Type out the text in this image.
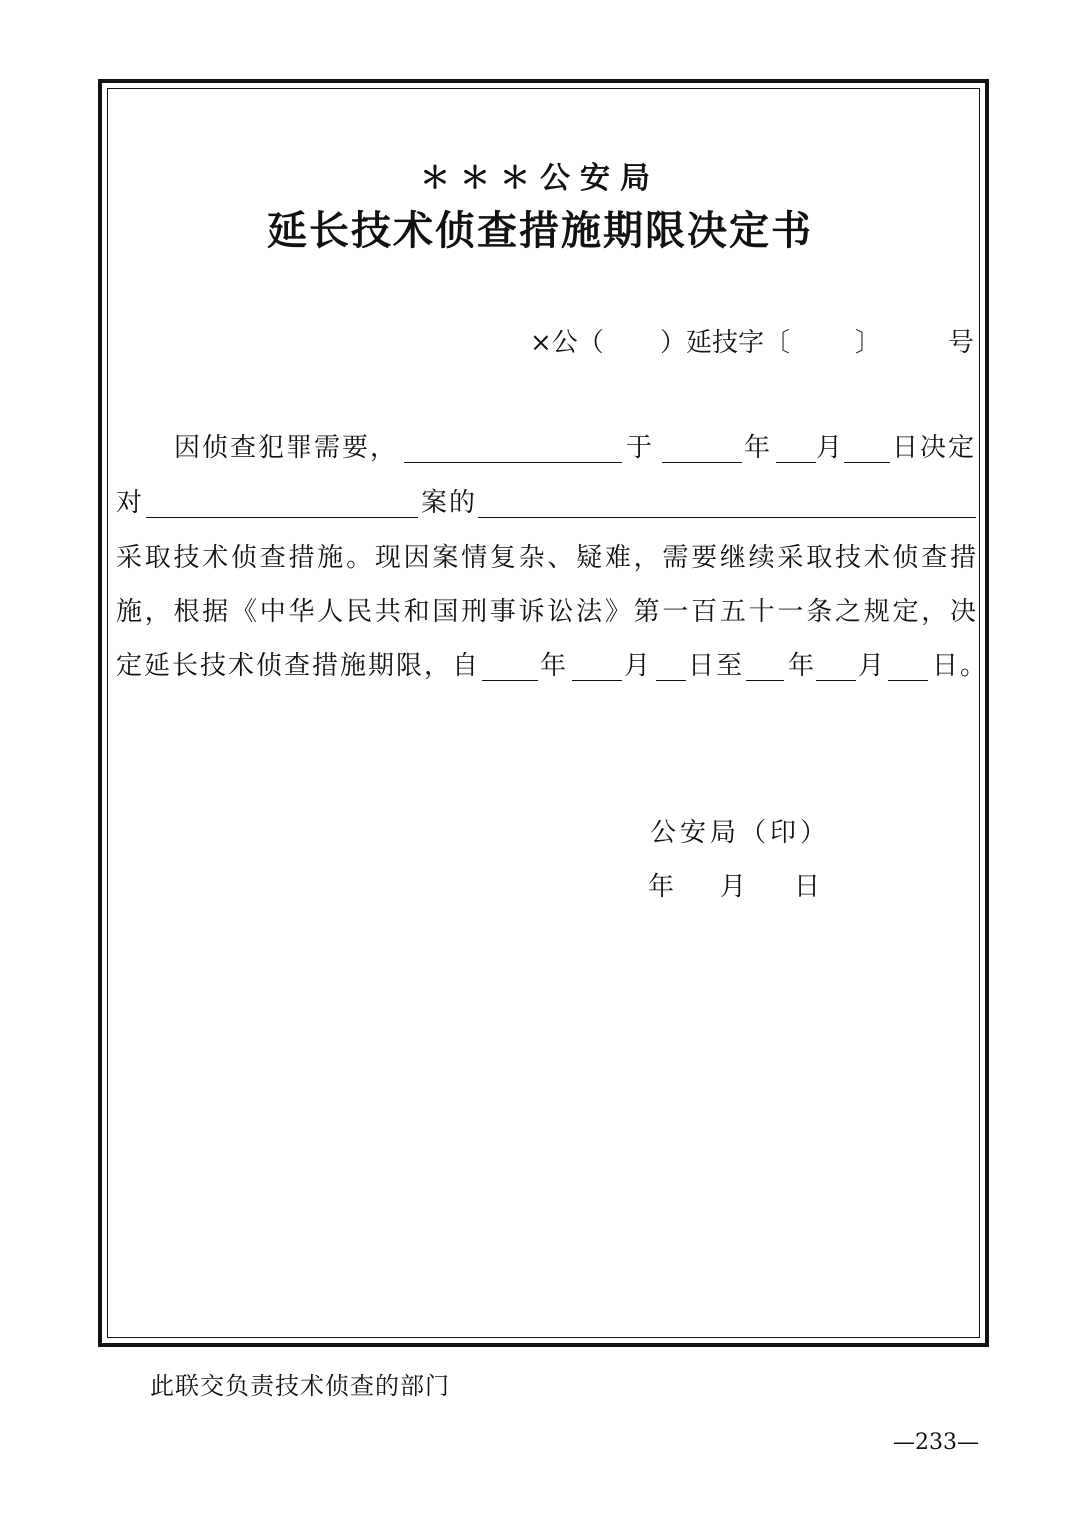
＊＊＊公安局
延长技术侦查措施期限决定书
×公（ ）延技字〔 〕	号
因侦查犯罪需要，	于	年 月 日决定
对	案的
采取技术侦查措施。现因案情复杂、疑难，需要继续采取技术侦查措
施，根据《中华人民共和国刑事诉讼法》第一百五十一条之规定，决
定延长技术侦查措施期限，自 年 月 日至 年 月 日。
公安局（印）
年 月 日
此联交负责技术侦查的部门
—233—
